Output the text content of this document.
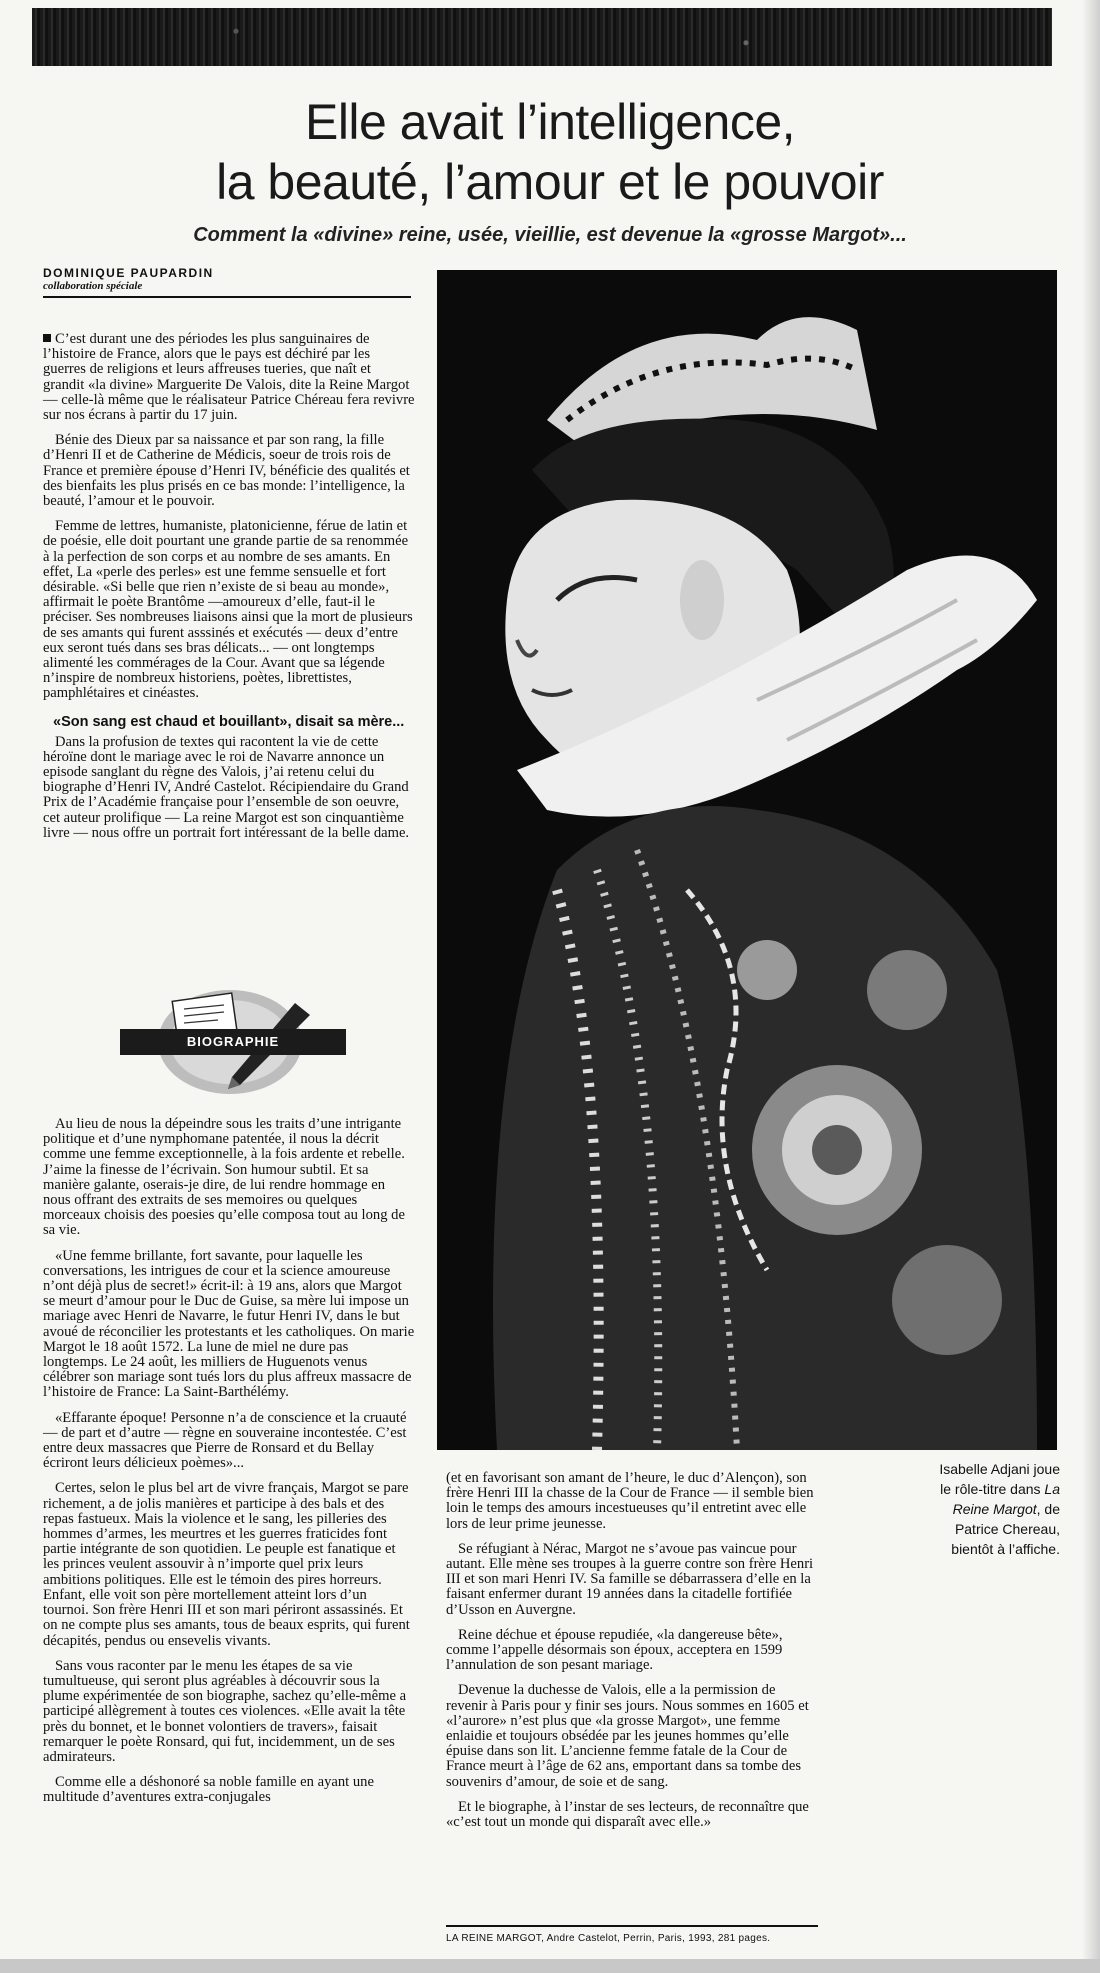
Elle avait l’intelligence,
la beauté, l’amour et le pouvoir
Comment la «divine» reine, usée, vieillie, est devenue la «grosse Margot»...
DOMINIQUE PAUPARDIN
collaboration spéciale

C’est durant une des périodes les plus sanguinaires de l’histoire de France, alors que le pays est déchiré par les guerres de religions et leurs affreuses tueries, que naît et grandit «la divine» Marguerite De Valois, dite la Reine Margot — celle-là même que le réalisateur Patrice Chéreau fera revivre sur nos écrans à partir du 17 juin.

Bénie des Dieux par sa naissance et par son rang, la fille d’Henri II et de Catherine de Médicis, soeur de trois rois de France et première épouse d’Henri IV, bénéficie des qualités et des bienfaits les plus prisés en ce bas monde: l’intelligence, la beauté, l’amour et le pouvoir.

Femme de lettres, humaniste, platonicienne, férue de latin et de poésie, elle doit pourtant une grande partie de sa renommée à la perfection de son corps et au nombre de ses amants. En effet, La «perle des perles» est une femme sensuelle et fort désirable. «Si belle que rien n’existe de si beau au monde», affirmait le poète Brantôme —amoureux d’elle, faut-il le préciser. Ses nombreuses liaisons ainsi que la mort de plusieurs de ses amants qui furent asssinés et exécutés — deux d’entre eux seront tués dans ses bras délicats... — ont longtemps alimenté les commérages de la Cour. Avant que sa légende n’inspire de nombreux historiens, poètes, librettistes, pamphlétaires et cinéastes.

«Son sang est chaud et bouillant», disait sa mère...

Dans la profusion de textes qui racontent la vie de cette héroïne dont le mariage avec le roi de Navarre annonce un episode sanglant du règne des Valois, j’ai retenu celui du biographe d’Henri IV, André Castelot. Récipiendaire du Grand Prix de l’Académie française pour l’ensemble de son oeuvre, cet auteur prolifique — La reine Margot est son cinquantième livre — nous offre un portrait fort intéressant de la belle dame.

BIOGRAPHIE

Au lieu de nous la dépeindre sous les traits d’une intrigante politique et d’une nymphomane patentée, il nous la décrit comme une femme exceptionnelle, à la fois ardente et rebelle. J’aime la finesse de l’écrivain. Son humour subtil. Et sa manière galante, oserais-je dire, de lui rendre hommage en nous offrant des extraits de ses memoires ou quelques morceaux choisis des poesies qu’elle composa tout au long de sa vie.

«Une femme brillante, fort savante, pour laquelle les conversations, les intrigues de cour et la science amoureuse n’ont déjà plus de secret!» écrit-il: à 19 ans, alors que Margot se meurt d’amour pour le Duc de Guise, sa mère lui impose un mariage avec Henri de Navarre, le futur Henri IV, dans le but avoué de réconcilier les protestants et les catholiques. On marie Margot le 18 août 1572. La lune de miel ne dure pas longtemps. Le 24 août, les milliers de Huguenots venus célébrer son mariage sont tués lors du plus affreux massacre de l’histoire de France: La Saint-Barthélémy.

«Effarante époque! Personne n’a de conscience et la cruauté — de part et d’autre — règne en souveraine incontestée. C’est entre deux massacres que Pierre de Ronsard et du Bellay écriront leurs délicieux poèmes»...

Certes, selon le plus bel art de vivre français, Margot se pare richement, a de jolis manières et participe à des bals et des repas fastueux. Mais la violence et le sang, les pilleries des hommes d’armes, les meurtres et les guerres fraticides font partie intégrante de son quotidien. Le peuple est fanatique et les princes veulent assouvir à n’importe quel prix leurs ambitions politiques. Elle est le témoin des pires horreurs. Enfant, elle voit son père mortellement atteint lors d’un tournoi. Son frère Henri III et son mari périront assassinés. Et on ne compte plus ses amants, tous de beaux esprits, qui furent décapités, pendus ou ensevelis vivants.

Sans vous raconter par le menu les étapes de sa vie tumultueuse, qui seront plus agréables à découvrir sous la plume expérimentée de son biographe, sachez qu’elle-même a participé allègrement à toutes ces violences. «Elle avait la tête près du bonnet, et le bonnet volontiers de travers», faisait remarquer le poète Ronsard, qui fut, incidemment, un de ses admirateurs.

Comme elle a déshonoré sa noble famille en ayant une multitude d’aventures extra-conjugales

Isabelle Adjani joue
le rôle-titre dans La
Reine Margot, de
Patrice Chereau,
bientôt à l’affiche.

(et en favorisant son amant de l’heure, le duc d’Alençon), son frère Henri III la chasse de la Cour de France — il semble bien loin le temps des amours incestueuses qu’il entretint avec elle lors de leur prime jeunesse.

Se réfugiant à Nérac, Margot ne s’avoue pas vaincue pour autant. Elle mène ses troupes à la guerre contre son frère Henri III et son mari Henri IV. Sa famille se débarrassera d’elle en la faisant enfermer durant 19 années dans la citadelle fortifiée d’Usson en Auvergne.

Reine déchue et épouse repudiée, «la dangereuse bête», comme l’appelle désormais son époux, acceptera en 1599 l’annulation de son pesant mariage.

Devenue la duchesse de Valois, elle a la permission de revenir à Paris pour y finir ses jours. Nous sommes en 1605 et «l’aurore» n’est plus que «la grosse Margot», une femme enlaidie et toujours obsédée par les jeunes hommes qu’elle épuise dans son lit. L’ancienne femme fatale de la Cour de France meurt à l’âge de 62 ans, emportant dans sa tombe des souvenirs d’amour, de soie et de sang.

Et le biographe, à l’instar de ses lecteurs, de reconnaître que «c’est tout un monde qui disparaît avec elle.»

LA REINE MARGOT, Andre Castelot, Perrin, Paris, 1993, 281 pages.
